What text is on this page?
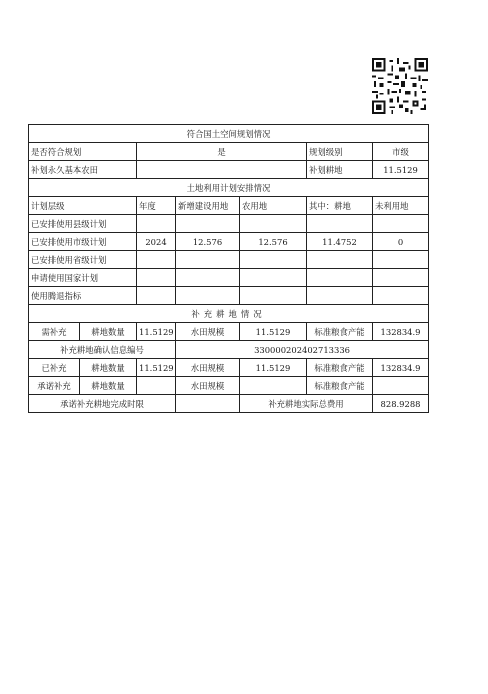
符合国土空间规划情况						
是否符合规划		是			规划级别	市级
补划永久基本农田					补划耕地	11.5129
土地利用计划安排情况						
计划层级		年度	新增建设用地	农用地	其中：耕地	未利用地
已安排使用县级计划						
已安排使用市级计划		2024	12.576	12.576	11.4752	0
已安排使用省级计划						
申请使用国家计划						
使用腾退指标						
补充耕地情况						
需补充	耕地数量	11.5129	水田规模	11.5129	标准粮食产能	132834.9
补充耕地确认信息编号			330000202402713336			
已补充	耕地数量	11.5129	水田规模	11.5129	标准粮食产能	132834.9
承诺补充	耕地数量		水田规模		标准粮食产能	
承诺补充耕地完成时限				补充耕地实际总费用		828.9288
